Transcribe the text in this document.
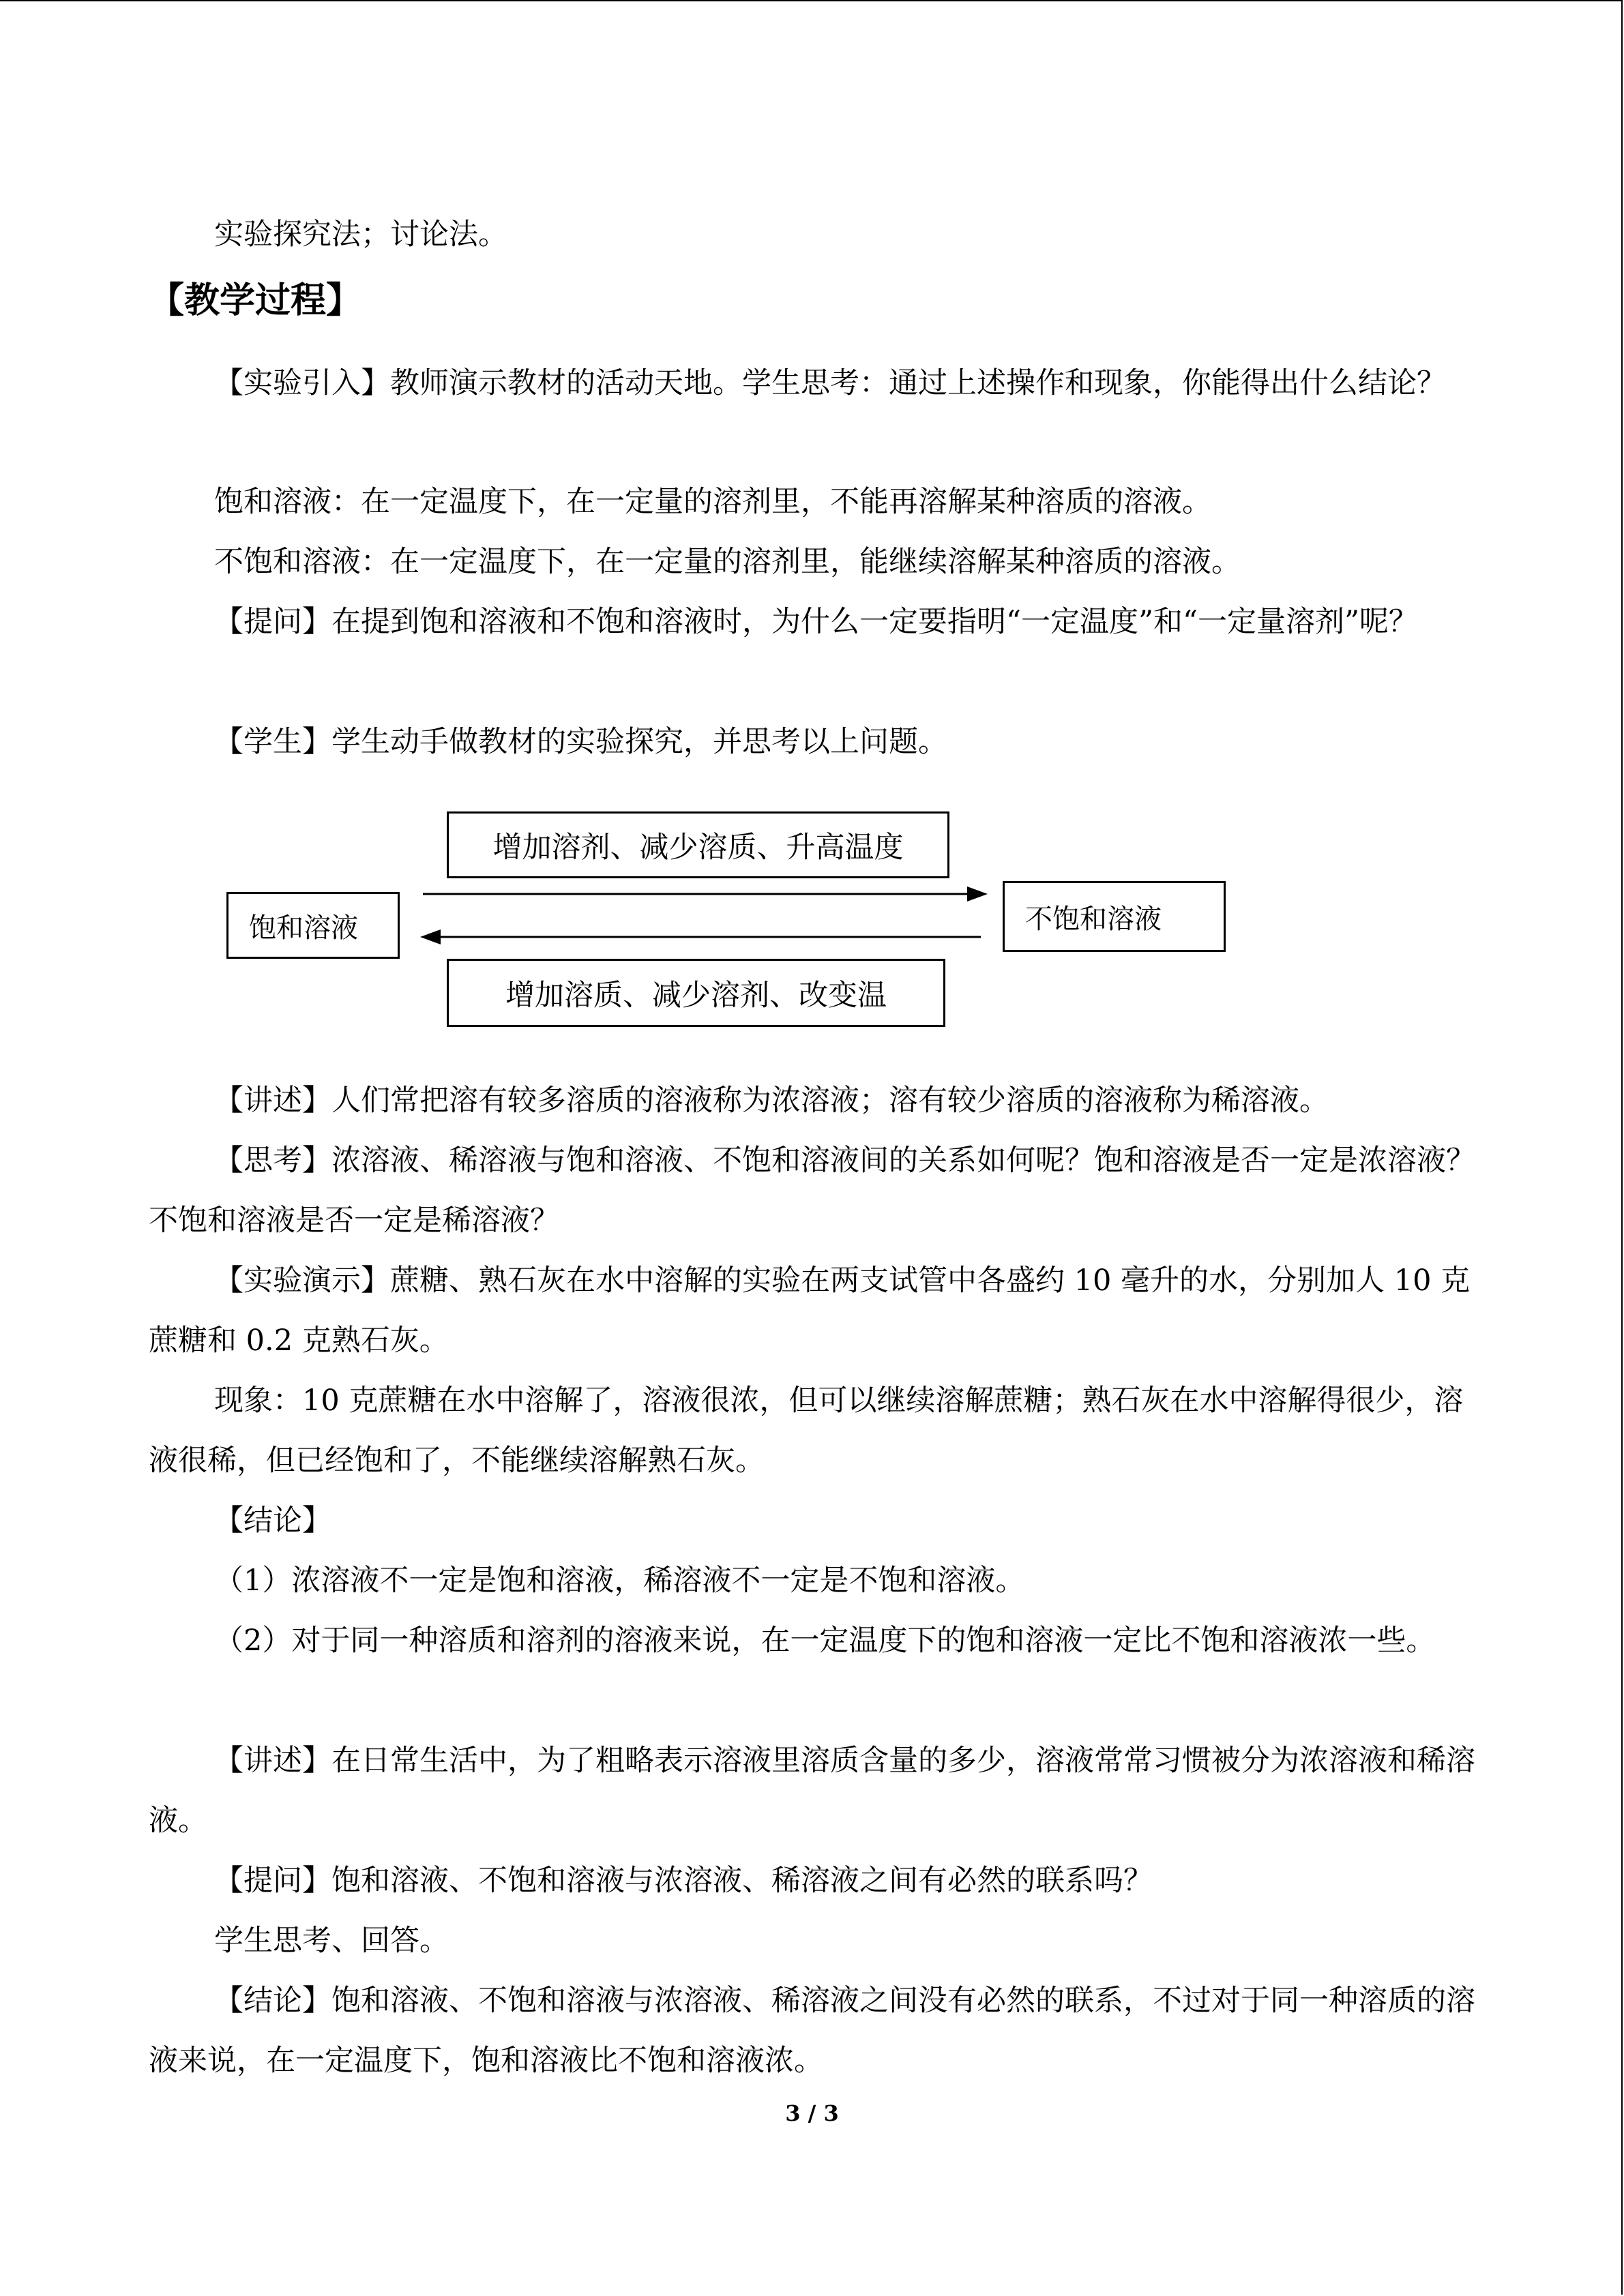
实验探究法；讨论法。

【教学过程】

【实验引入】教师演示教材的活动天地。学生思考：通过上述操作和现象，你能得出什么结论？

饱和溶液：在一定温度下，在一定量的溶剂里，不能再溶解某种溶质的溶液。

不饱和溶液：在一定温度下，在一定量的溶剂里，能继续溶解某种溶质的溶液。

【提问】在提到饱和溶液和不饱和溶液时，为什么一定要指明“一定温度”和“一定量溶剂”呢？

【学生】学生动手做教材的实验探究，并思考以上问题。

增加溶剂、减少溶质、升高温度
饱和溶液	不饱和溶液
增加溶质、减少溶剂、改变温

【讲述】人们常把溶有较多溶质的溶液称为浓溶液；溶有较少溶质的溶液称为稀溶液。

【思考】浓溶液、稀溶液与饱和溶液、不饱和溶液间的关系如何呢？饱和溶液是否一定是浓溶液？不饱和溶液是否一定是稀溶液？

【实验演示】蔗糖、熟石灰在水中溶解的实验在两支试管中各盛约 10 毫升的水，分别加人 10 克蔗糖和 0.2 克熟石灰。

现象：10 克蔗糖在水中溶解了，溶液很浓，但可以继续溶解蔗糖；熟石灰在水中溶解得很少，溶液很稀，但已经饱和了，不能继续溶解熟石灰。

【结论】

（1）浓溶液不一定是饱和溶液，稀溶液不一定是不饱和溶液。

（2）对于同一种溶质和溶剂的溶液来说，在一定温度下的饱和溶液一定比不饱和溶液浓一些。

【讲述】在日常生活中，为了粗略表示溶液里溶质含量的多少，溶液常常习惯被分为浓溶液和稀溶液。

【提问】饱和溶液、不饱和溶液与浓溶液、稀溶液之间有必然的联系吗？

学生思考、回答。

【结论】饱和溶液、不饱和溶液与浓溶液、稀溶液之间没有必然的联系，不过对于同一种溶质的溶液来说，在一定温度下，饱和溶液比不饱和溶液浓。

3 / 3
